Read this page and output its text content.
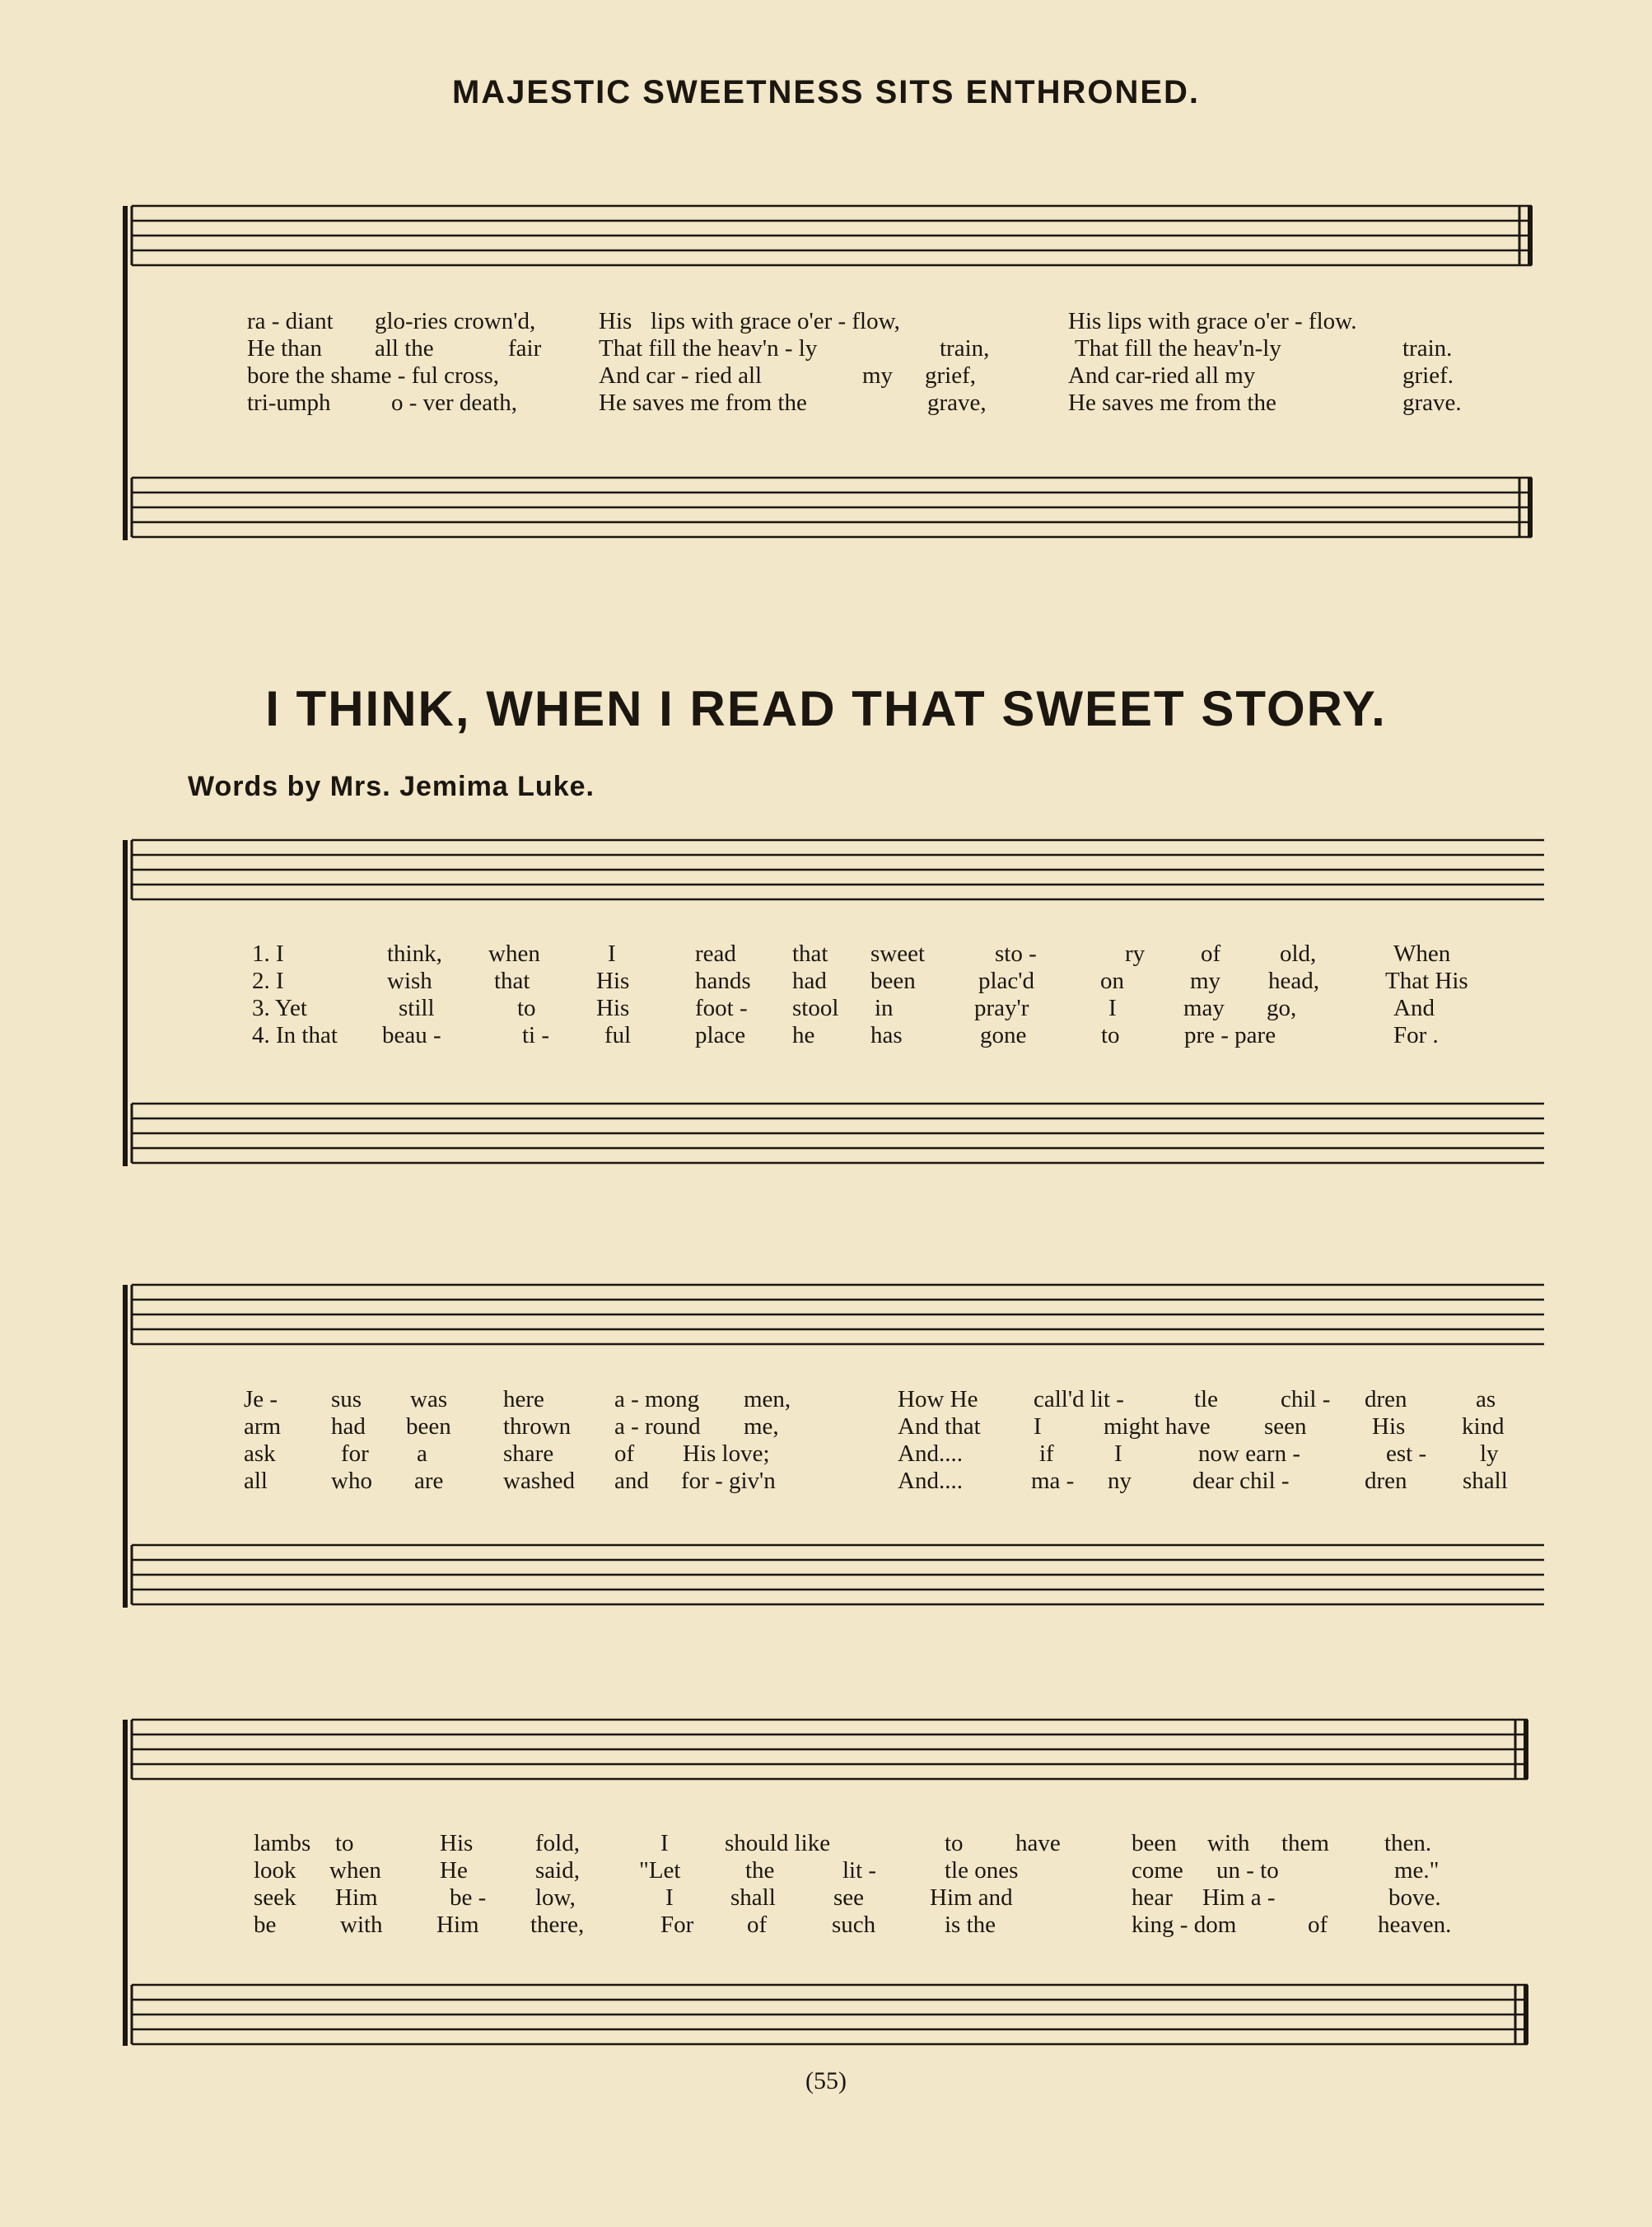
MAJESTIC SWEETNESS SITS ENTHRONED.
ra - diant glo-ries crown'd,	His lips with grace o'er - flow,	His lips with grace o'er - flow.
He than all the	fair That fill the heav'n - ly	train,	That fill the heav'n-ly	train.
bore the shame - ful cross,	And car - ried all	my grief,	And car-ried all my	grief.
tri-umph	o - ver death,	He saves me from the	grave,	He saves me from the	grave.
I THINK, WHEN I READ THAT SWEET STORY.
Words by Mrs. Jemima Luke.
1. I	think, when	I	read that sweet	sto -	ry of old,	When
2. I	wish	that	His	hands had been	plac'd	on	my head,	That His
3. Yet	still	to	His	foot - stool in	pray'r	I	may go,	And
4. In that beau -	ti - ful	place he has	gone	to	pre - pare	For .
Je - sus was here	a - mong men,	How He call'd lit -	tle	chil - dren	as
arm had been thrown a - round me,	And that I	might have seen	His kind
ask	for a	share	of His love;	And....	if	I	now earn -	est - ly
all	who are	washed and for - giv'n	And....	ma - ny	dear chil -	dren shall
lambs to	His	fold,	I should like	to have	been with them then.
look when He	said, "Let	the	lit -	tle ones	come un - to	me."
seek Him	be - low,	I shall see	Him and	hear Him a -	bove.
be	with Him there,	For of	such	is the	king - dom	of heaven.
(55)
